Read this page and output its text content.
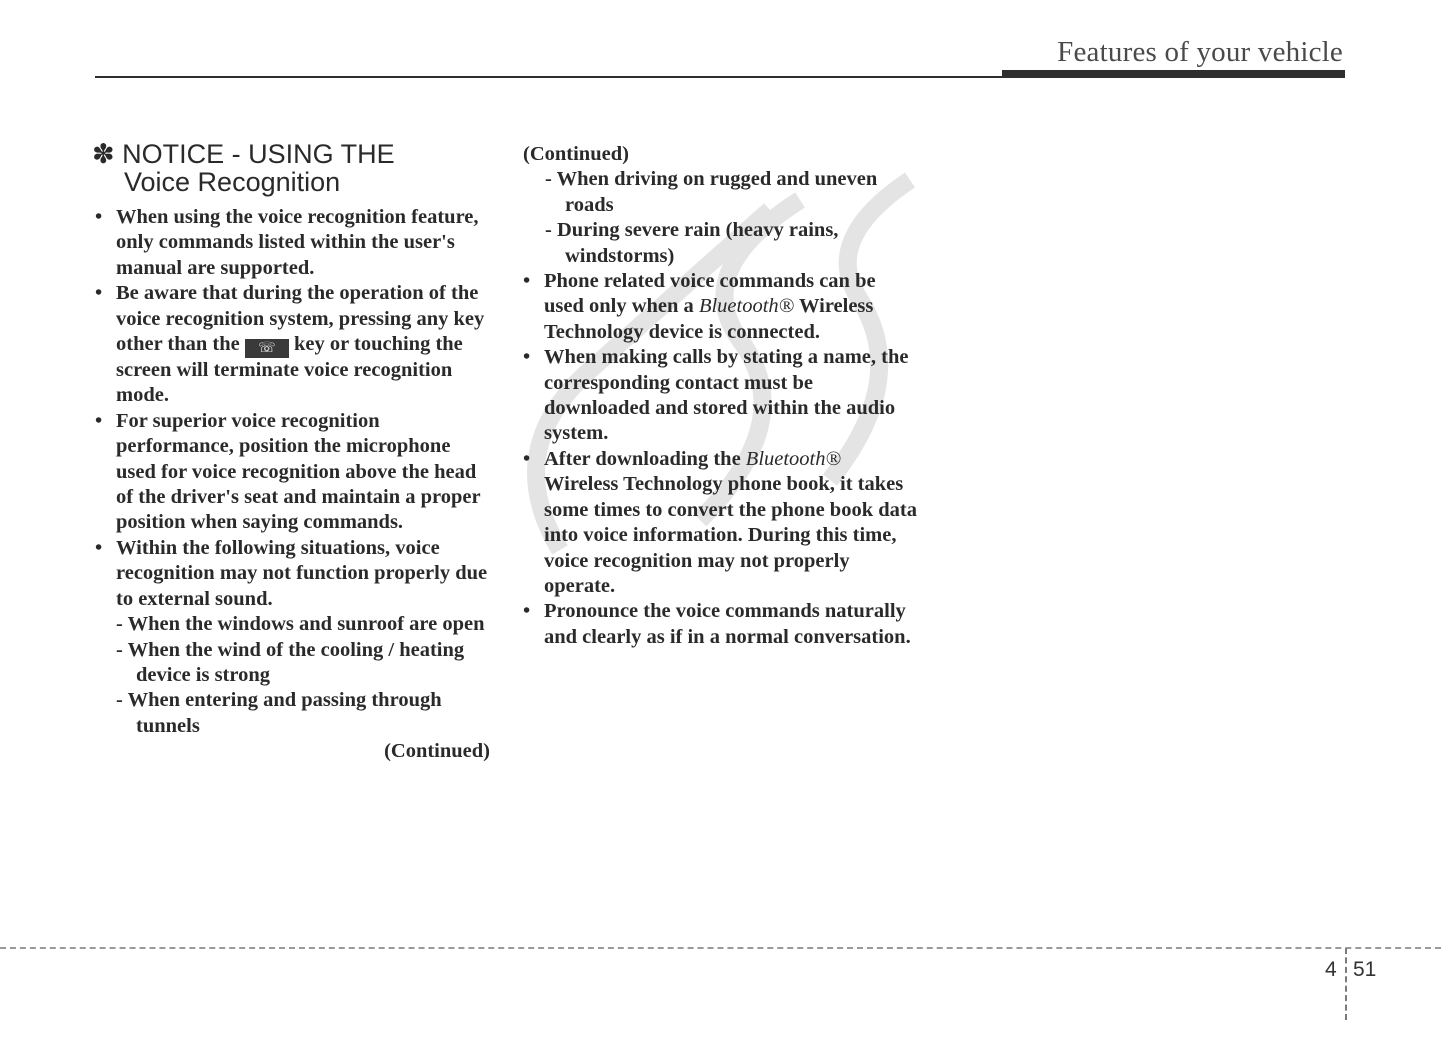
Features of your vehicle
✽ NOTICE - USING THE
Voice Recognition

• When using the voice recognition feature, only commands listed within the user's manual are supported.

• Be aware that during the operation of the voice recognition system, pressing any key other than the ☏ key or touching the screen will terminate voice recognition mode.

• For superior voice recognition performance, position the microphone used for voice recognition above the head of the driver's seat and maintain a proper position when saying commands.

• Within the following situations, voice recognition may not function properly due to external sound.

- When the windows and sunroof are open

- When the wind of the cooling / heating device is strong

- When entering and passing through tunnels

(Continued)

(Continued)

- When driving on rugged and uneven roads

- During severe rain (heavy rains, windstorms)

• Phone related voice commands can be used only when a Bluetooth® Wireless Technology device is connected.

• When making calls by stating a name, the corresponding contact must be downloaded and stored within the audio system.

• After downloading the Bluetooth® Wireless Technology phone book, it takes some times to convert the phone book data into voice information. During this time, voice recognition may not properly operate.

• Pronounce the voice commands naturally and clearly as if in a normal conversation.

4 51
